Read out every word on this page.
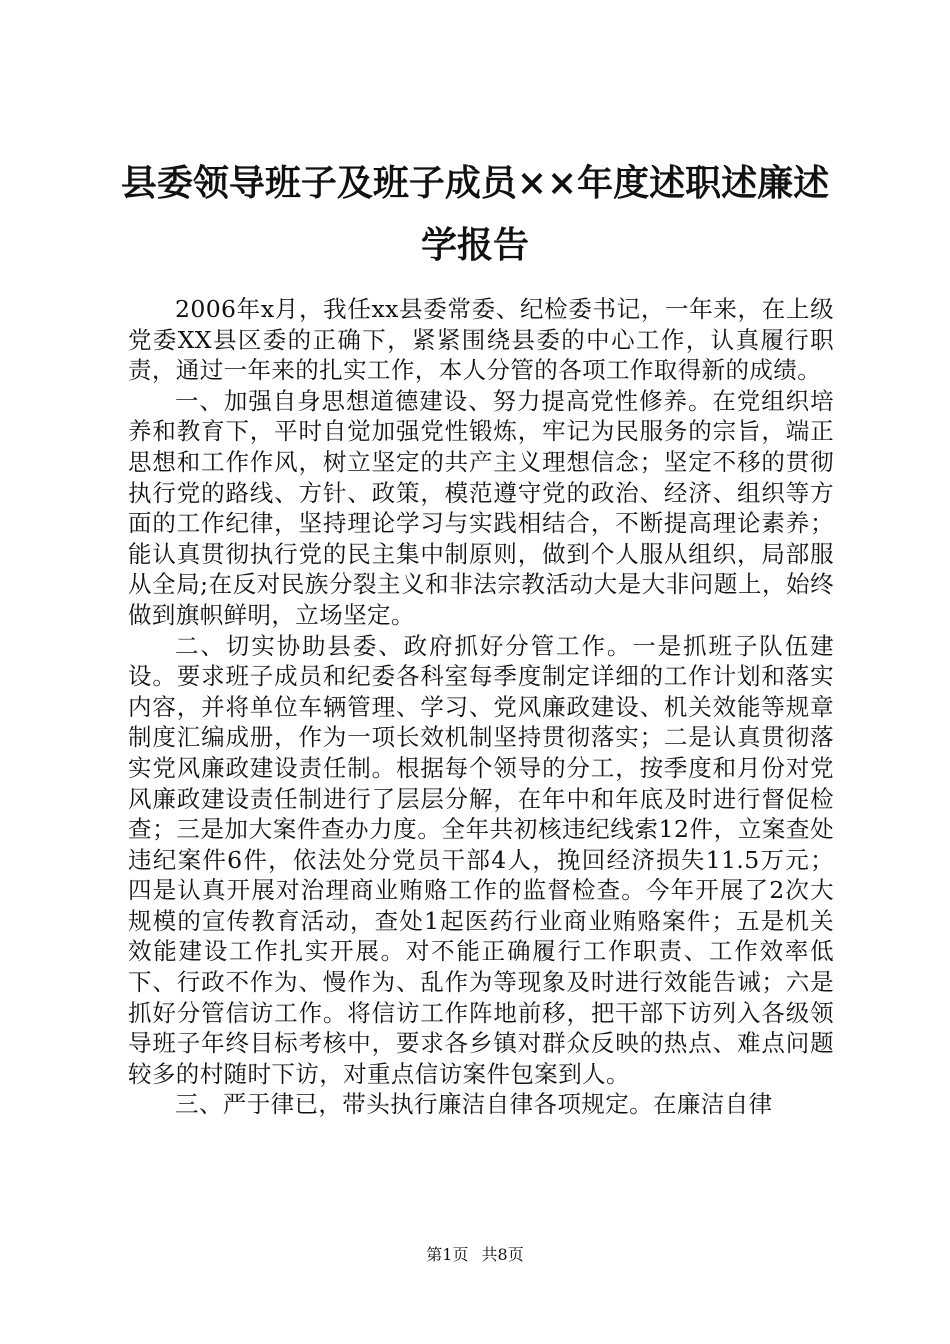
县委领导班子及班子成员××年度述职述廉述
学报告

2006年x月，我任xx县委常委、纪检委书记，一年来，在上级党委XX县区委的正确下，紧紧围绕县委的中心工作，认真履行职责，通过一年来的扎实工作，本人分管的各项工作取得新的成绩。

一、加强自身思想道德建设、努力提高党性修养。在党组织培养和教育下，平时自觉加强党性锻炼，牢记为民服务的宗旨，端正思想和工作作风，树立坚定的共产主义理想信念；坚定不移的贯彻执行党的路线、方针、政策，模范遵守党的政治、经济、组织等方面的工作纪律，坚持理论学习与实践相结合，不断提高理论素养；能认真贯彻执行党的民主集中制原则，做到个人服从组织，局部服从全局;在反对民族分裂主义和非法宗教活动大是大非问题上，始终做到旗帜鲜明，立场坚定。

二、切实协助县委、政府抓好分管工作。一是抓班子队伍建设。要求班子成员和纪委各科室每季度制定详细的工作计划和落实内容，并将单位车辆管理、学习、党风廉政建设、机关效能等规章制度汇编成册，作为一项长效机制坚持贯彻落实；二是认真贯彻落实党风廉政建设责任制。根据每个领导的分工，按季度和月份对党风廉政建设责任制进行了层层分解，在年中和年底及时进行督促检查；三是加大案件查办力度。全年共初核违纪线索12件，立案查处违纪案件6件，依法处分党员干部4人，挽回经济损失11.5万元；四是认真开展对治理商业贿赂工作的监督检查。今年开展了2次大规模的宣传教育活动，查处1起医药行业商业贿赂案件；五是机关效能建设工作扎实开展。对不能正确履行工作职责、工作效率低下、行政不作为、慢作为、乱作为等现象及时进行效能告诫；六是抓好分管信访工作。将信访工作阵地前移，把干部下访列入各级领导班子年终目标考核中，要求各乡镇对群众反映的热点、难点问题较多的村随时下访，对重点信访案件包案到人。

三、严于律已，带头执行廉洁自律各项规定。在廉洁自律

第1页 共8页
